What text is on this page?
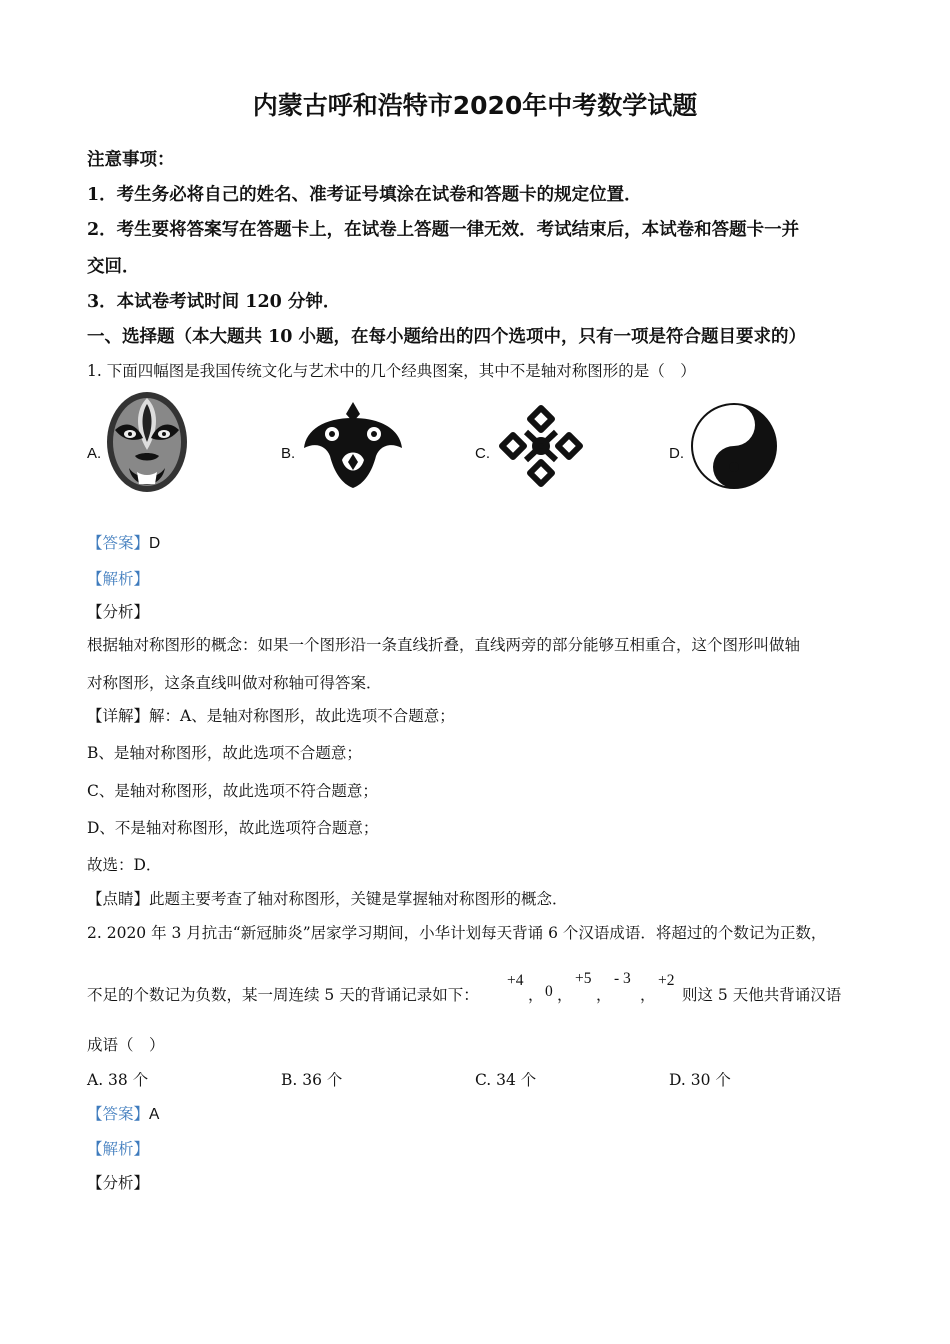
内蒙古呼和浩特市2020年中考数学试题
注意事项：
1．考生务必将自己的姓名、准考证号填涂在试卷和答题卡的规定位置．
2．考生要将答案写在答题卡上，在试卷上答题一律无效．考试结束后，本试卷和答题卡一并
交回．
3．本试卷考试时间 120 分钟．
一、选择题（本大题共 10 小题，在每小题给出的四个选项中，只有一项是符合题目要求的）
1. 下面四幅图是我国传统文化与艺术中的几个经典图案，其中不是轴对称图形的是（　）
A.	B.	C.	D.
【答案】D
【解析】
【分析】
根据轴对称图形的概念：如果一个图形沿一条直线折叠，直线两旁的部分能够互相重合，这个图形叫做轴
对称图形，这条直线叫做对称轴可得答案．
【详解】解：A、是轴对称图形，故此选项不合题意；
B、是轴对称图形，故此选项不合题意；
C、是轴对称图形，故此选项不符合题意；
D、不是轴对称图形，故此选项符合题意；
故选：D．
【点睛】此题主要考查了轴对称图形，关键是掌握轴对称图形的概念．
2. 2020 年 3 月抗击“新冠肺炎”居家学习期间，小华计划每天背诵 6 个汉语成语．将超过的个数记为正数，
不足的个数记为负数，某一周连续 5 天的背诵记录如下：
+4
， 0 ，
+5
，
- 3
，
+2
则这 5 天他共背诵汉语
成语（　）
A. 38 个	B. 36 个	C. 34 个	D. 30 个
【答案】A
【解析】
【分析】
